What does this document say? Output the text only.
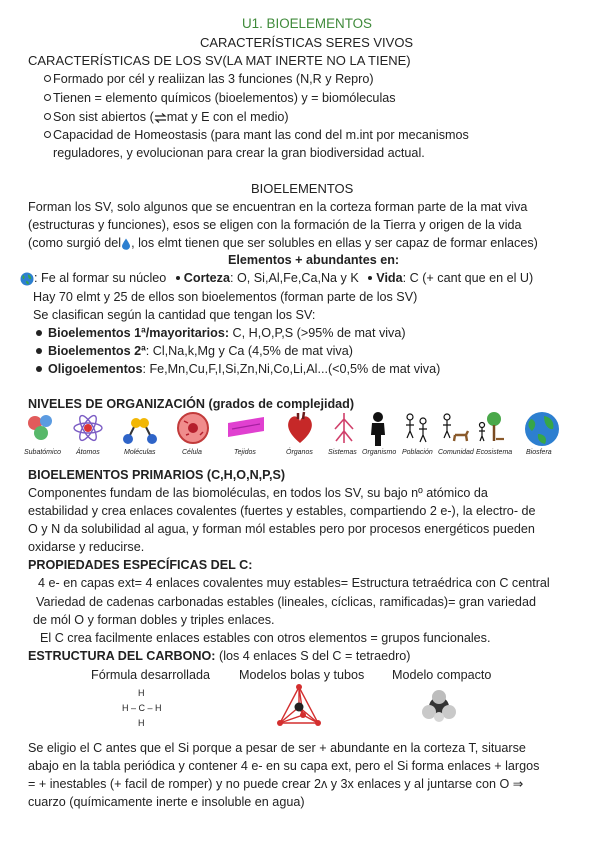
U1. BIOELEMENTOS
CARACTERÍSTICAS SERES VIVOS
CARACTERÍSTICAS DE LOS SV(LA MAT INERTE NO LA TIENE)
Formado por cél y realiizan las 3 funciones (N,R y Repro)
Tienen = elemento químicos (bioelementos) y = biomóleculas
Son sist abiertos ( mat y E con el medio)
Capacidad de Homeostasis (para mant las cond del m.int por mecanismos
reguladores, y evolucionan para crear la gran biodiversidad actual.
BIOELEMENTOS
Forman los SV, solo algunos que se encuentran en la corteza forman parte de la mat viva
(estructuras y funciones), esos se eligen con la formación de la Tierra y origen de la vida
(como surgió del , los elmt tienen que ser solubles en ellas y ser capaz de formar enlaces)
Elementos + abundantes en:
: Fe al formar su núcleo Corteza: O, Si,Al,Fe,Ca,Na y K Vida: C (+ cant que en el U)
Hay 70 elmt y 25 de ellos son bioelementos (forman parte de los SV)
Se clasifican según la cantidad que tengan los SV:
Bioelementos 1ª/mayoritarios: C, H,O,P,S (>95% de mat viva)
Bioelementos 2ª: Cl,Na,k,Mg y Ca (4,5% de mat viva)
Oligoelementos: Fe,Mn,Cu,F,I,Si,Zn,Ni,Co,Li,Al...(<0,5% de mat viva)
NIVELES DE ORGANIZACIÓN (grados de complejidad)
Subatómico Átomos	Moléculas	Célula	Tejidos	Órganos Sistemas Organismo Población Comunidad Ecosistema Biosfera
BIOELEMENTOS PRIMARIOS (C,H,O,N,P,S)
Componentes fundam de las biomoléculas, en todos los SV, su bajo nº atómico da
estabilidad y crea enlaces covalentes (fuertes y estables, compartiendo 2 e-), la electro- de
O y N da solubilidad al agua, y forman mól estables pero por procesos energéticos pueden
oxidarse y reducirse.
PROPIEDADES ESPECÍFICAS DEL C:
4 e- en capas ext= 4 enlaces covalentes muy estables= Estructura tetraédrica con C central
Variedad de cadenas carbonadas estables (lineales, cíclicas, ramificadas)= gran variedad
de mól O y forman dobles y triples enlaces.
El C crea facilmente enlaces estables con otros elementos = grupos funcionales.
ESTRUCTURA DEL CARBONO: (los 4 enlaces S del C = tetraedro)
Fórmula desarrollada Modelos bolas y tubos Modelo compacto
H
H – C – H
H
Se eligio el C antes que el Si porque a pesar de ser + abundante en la corteza T, situarse
abajo en la tabla periódica y contener 4 e- en su capa ext, pero el Si forma enlaces + largos
= + inestables (+ facil de romper) y no puede crear 2ᴧ y 3x enlaces y al juntarse con O ⇒
cuarzo (químicamente inerte e insoluble en agua)
